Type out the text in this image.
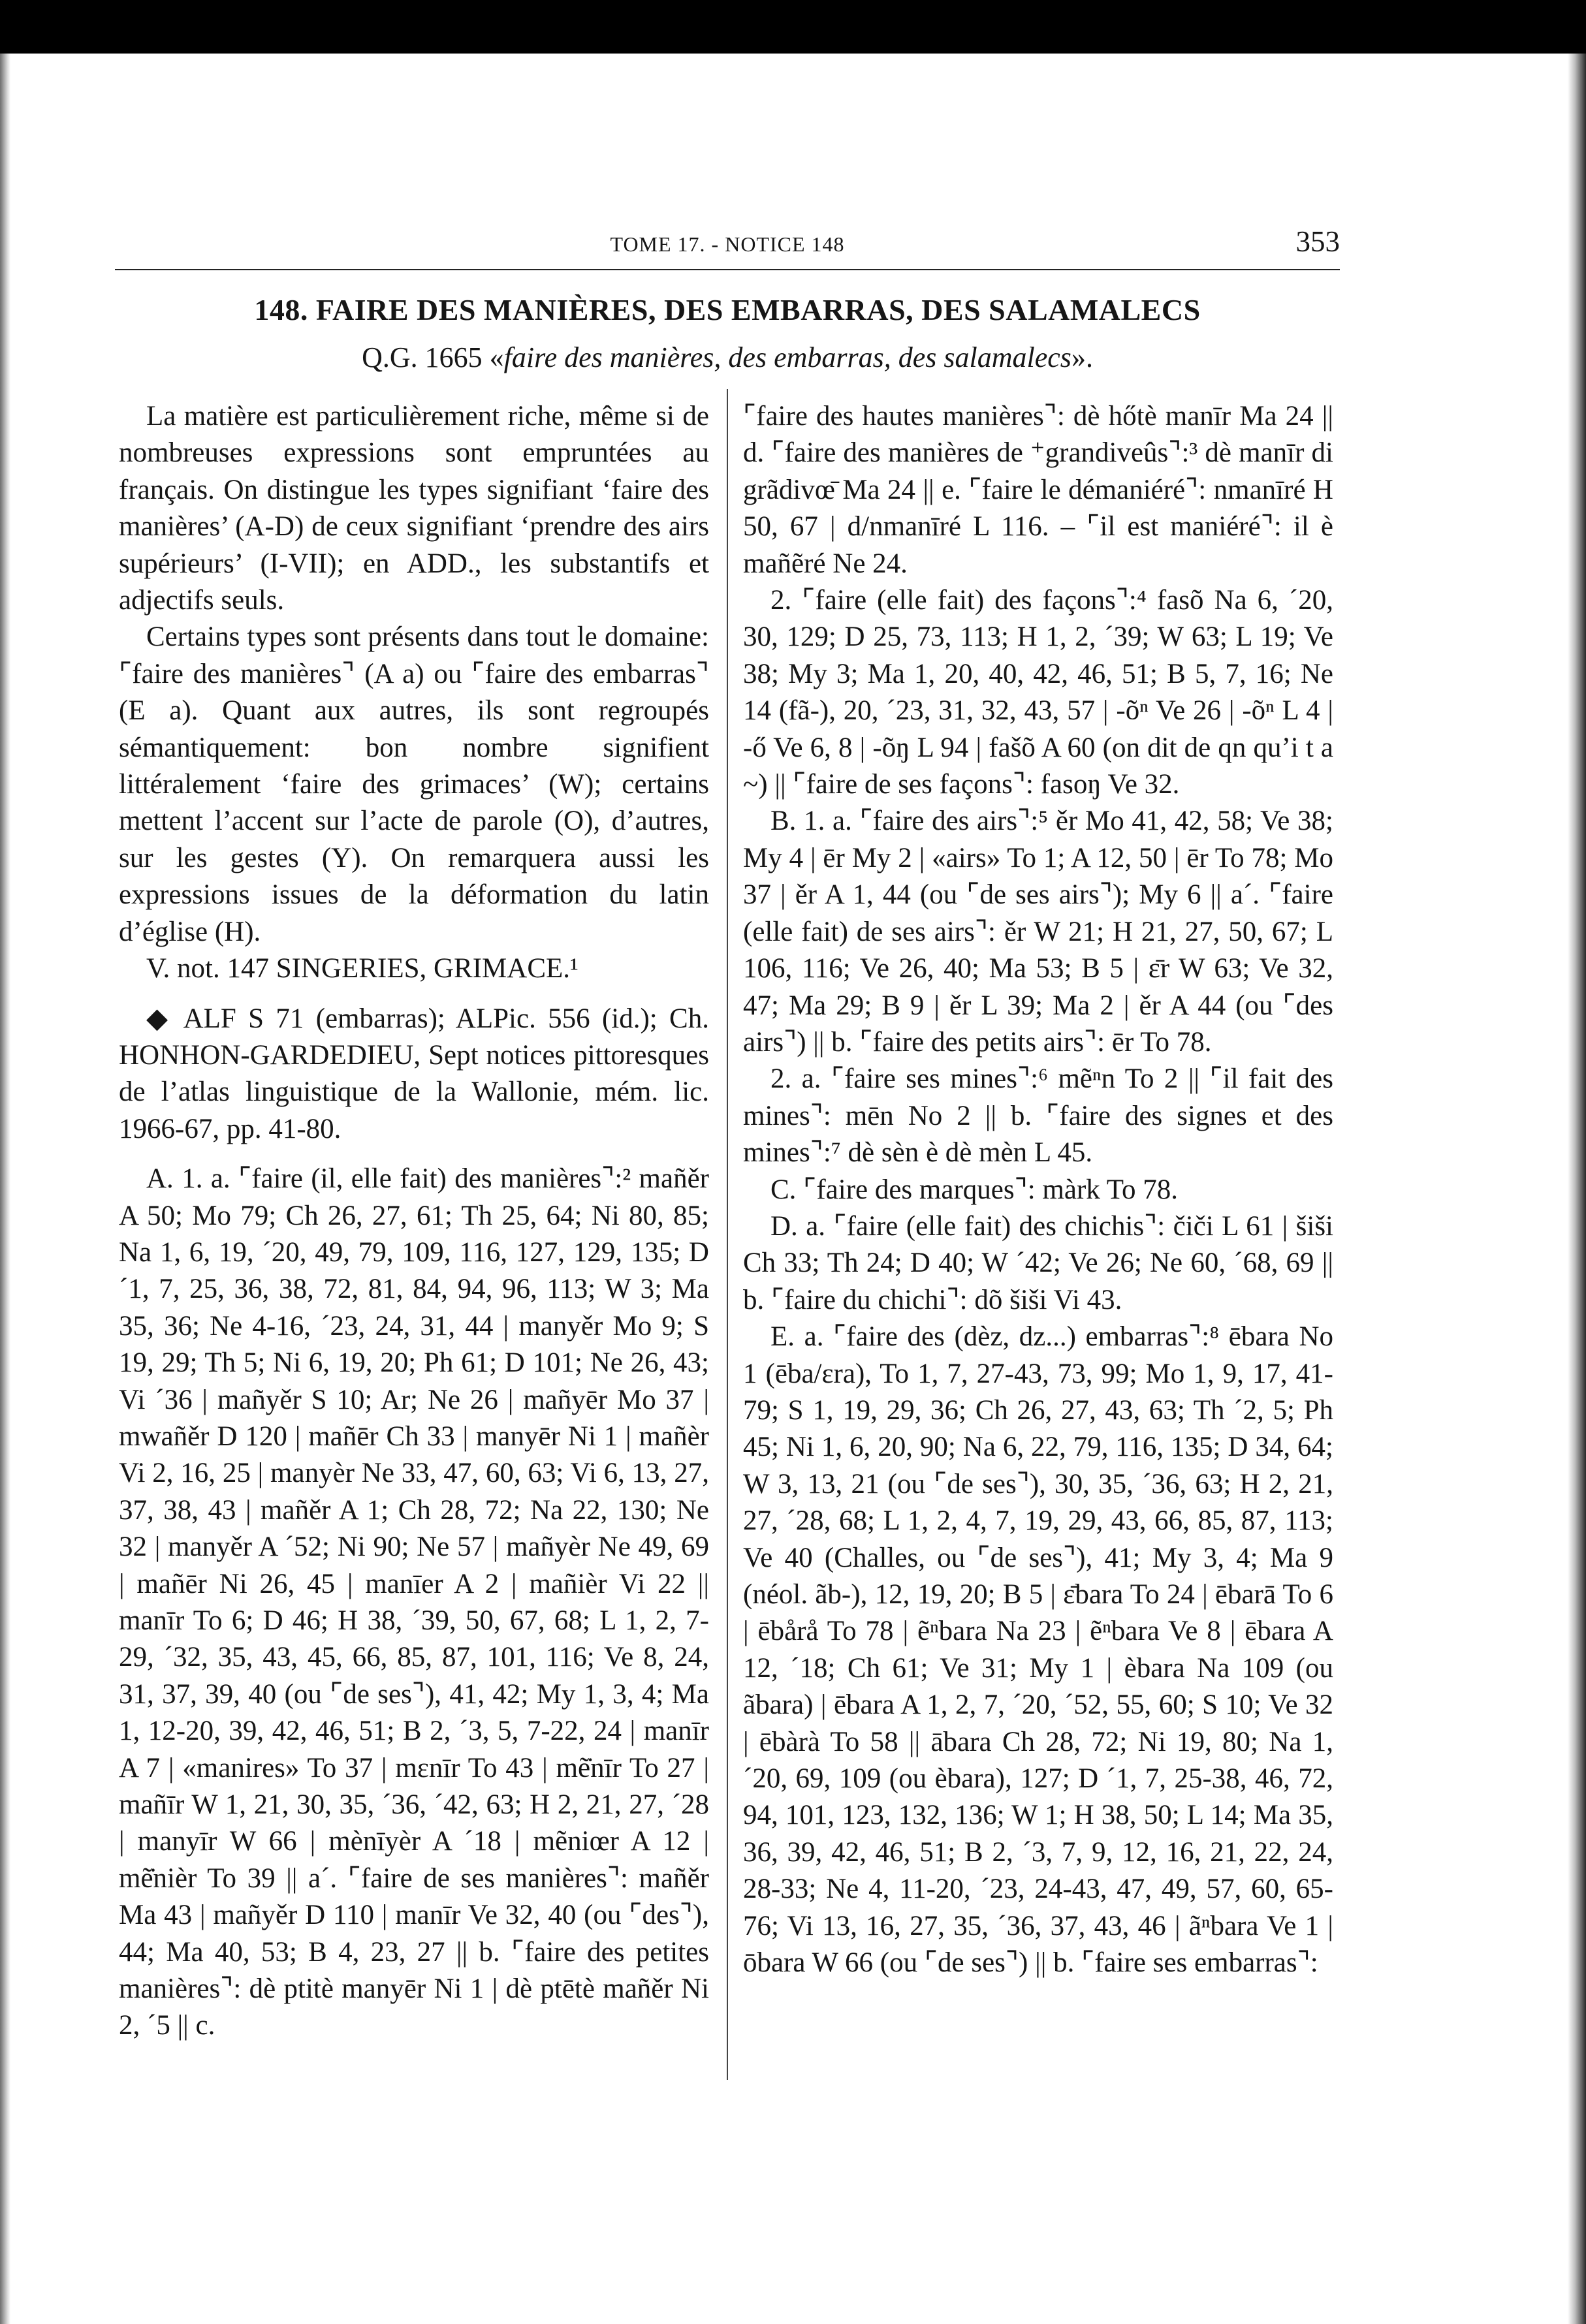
TOME 17. - NOTICE 148	353
148. FAIRE DES MANIÈRES, DES EMBARRAS, DES SALAMALECS
Q.G. 1665 «faire des manières, des embarras, des salamalecs».

La matière est particulièrement riche, même si de nombreuses expressions sont empruntées au français. On distingue les types signifiant ‘faire des manières’ (A-D) de ceux signifiant ‘prendre des airs supérieurs’ (I-VII); en ADD., les substantifs et adjectifs seuls.

Certains types sont présents dans tout le domaine: ⌜faire des manières⌝ (A a) ou ⌜faire des embarras⌝ (E a). Quant aux autres, ils sont regroupés sémantiquement: bon nombre signifient littéralement ‘faire des grimaces’ (W); certains mettent l’accent sur l’acte de parole (O), d’autres, sur les gestes (Y). On remarquera aussi les expressions issues de la déformation du latin d’église (H).

V. not. 147 SINGERIES, GRIMACE.¹

◆ ALF S 71 (embarras); ALPic. 556 (id.); Ch. HONHON-GARDEDIEU, Sept notices pittoresques de l’atlas linguistique de la Wallonie, mém. lic. 1966-67, pp. 41-80.

A. 1. a. ⌜faire (il, elle fait) des manières⌝:² mañěr A 50; Mo 79; Ch 26, 27, 61; Th 25, 64; Ni 80, 85; Na 1, 6, 19, ´20, 49, 79, 109, 116, 127, 129, 135; D ´1, 7, 25, 36, 38, 72, 81, 84, 94, 96, 113; W 3; Ma 35, 36; Ne 4-16, ´23, 24, 31, 44 | manyěr Mo 9; S 19, 29; Th 5; Ni 6, 19, 20; Ph 61; D 101; Ne 26, 43; Vi ´36 | mañyěr S 10; Ar; Ne 26 | mañyēr Mo 37 | mwañěr D 120 | mañēr Ch 33 | manyēr Ni 1 | mañèr Vi 2, 16, 25 | manyèr Ne 33, 47, 60, 63; Vi 6, 13, 27, 37, 38, 43 | mañěr A 1; Ch 28, 72; Na 22, 130; Ne 32 | manyěr A ´52; Ni 90; Ne 57 | mañyèr Ne 49, 69 | mañēr Ni 26, 45 | manīer A 2 | mañièr Vi 22 || manīr To 6; D 46; H 38, ´39, 50, 67, 68; L 1, 2, 7-29, ´32, 35, 43, 45, 66, 85, 87, 101, 116; Ve 8, 24, 31, 37, 39, 40 (ou ⌜de ses⌝), 41, 42; My 1, 3, 4; Ma 1, 12-20, 39, 42, 46, 51; B 2, ´3, 5, 7-22, 24 | manīr A 7 | «manires» To 37 | mɛnīr To 43 | mẽ̇nīr To 27 | mañīr W 1, 21, 30, 35, ´36, ´42, 63; H 2, 21, 27, ´28 | manyīr W 66 | mènīyèr A ´18 | mẽniœr A 12 | mẽ̇nièr To 39 || a´. ⌜faire de ses manières⌝: mañěr Ma 43 | mañyěr D 110 | manīr Ve 32, 40 (ou ⌜des⌝), 44; Ma 40, 53; B 4, 23, 27 || b. ⌜faire des petites manières⌝: dè ptitè manyēr Ni 1 | dè ptētè mañěr Ni 2, ´5 || c.

⌜faire des hautes manières⌝: dè hőtè manīr Ma 24 || d. ⌜faire des manières de ⁺grandiveûs⌝:³ dè manīr di grãdivœ̄ Ma 24 || e. ⌜faire le démaniéré⌝: nmanīré H 50, 67 | d/nmanīré L 116. – ⌜il est maniéré⌝: il è mañẽré Ne 24.

2. ⌜faire (elle fait) des façons⌝:⁴ fasõ Na 6, ´20, 30, 129; D 25, 73, 113; H 1, 2, ´39; W 63; L 19; Ve 38; My 3; Ma 1, 20, 40, 42, 46, 51; B 5, 7, 16; Ne 14 (fã-), 20, ´23, 31, 32, 43, 57 | -õⁿ Ve 26 | -õⁿ L 4 | -ő Ve 6, 8 | -õŋ L 94 | fašõ A 60 (on dit de qn qu’i t a ~) || ⌜faire de ses façons⌝: fasoŋ Ve 32.

B. 1. a. ⌜faire des airs⌝:⁵ ěr Mo 41, 42, 58; Ve 38; My 4 | ēr My 2 | «airs» To 1; A 12, 50 | ēr To 78; Mo 37 | ěr A 1, 44 (ou ⌜de ses airs⌝); My 6 || a´. ⌜faire (elle fait) de ses airs⌝: ěr W 21; H 21, 27, 50, 67; L 106, 116; Ve 26, 40; Ma 53; B 5 | ɛ̄r W 63; Ve 32, 47; Ma 29; B 9 | ěr L 39; Ma 2 | ěr A 44 (ou ⌜des airs⌝) || b. ⌜faire des petits airs⌝: ēr To 78.

2. a. ⌜faire ses mines⌝:⁶ mẽⁿn To 2 || ⌜il fait des mines⌝: mēn No 2 || b. ⌜faire des signes et des mines⌝:⁷ dè sèn è dè mèn L 45.

C. ⌜faire des marques⌝: màrk To 78.

D. a. ⌜faire (elle fait) des chichis⌝: čiči L 61 | šiši Ch 33; Th 24; D 40; W ´42; Ve 26; Ne 60, ´68, 69 || b. ⌜faire du chichi⌝: dõ šiši Vi 43.

E. a. ⌜faire des (dèz, dz...) embarras⌝:⁸ ēbara No 1 (ēba/ɛra), To 1, 7, 27-43, 73, 99; Mo 1, 9, 17, 41-79; S 1, 19, 29, 36; Ch 26, 27, 43, 63; Th ´2, 5; Ph 45; Ni 1, 6, 20, 90; Na 6, 22, 79, 116, 135; D 34, 64; W 3, 13, 21 (ou ⌜de ses⌝), 30, 35, ´36, 63; H 2, 21, 27, ´28, 68; L 1, 2, 4, 7, 19, 29, 43, 66, 85, 87, 113; Ve 40 (Challes, ou ⌜de ses⌝), 41; My 3, 4; Ma 9 (néol. ãb-), 12, 19, 20; B 5 | ɛ̄bara To 24 | ēbarā To 6 | ēbårå To 78 | ẽⁿbara Na 23 | ẽⁿbara Ve 8 | ēbara A 12, ´18; Ch 61; Ve 31; My 1 | èbara Na 109 (ou ãbara) | ēbara A 1, 2, 7, ´20, ´52, 55, 60; S 10; Ve 32 | ēbàrà To 58 || ābara Ch 28, 72; Ni 19, 80; Na 1, ´20, 69, 109 (ou èbara), 127; D ´1, 7, 25-38, 46, 72, 94, 101, 123, 132, 136; W 1; H 38, 50; L 14; Ma 35, 36, 39, 42, 46, 51; B 2, ´3, 7, 9, 12, 16, 21, 22, 24, 28-33; Ne 4, 11-20, ´23, 24-43, 47, 49, 57, 60, 65-76; Vi 13, 16, 27, 35, ´36, 37, 43, 46 | ãⁿbara Ve 1 | ōbara W 66 (ou ⌜de ses⌝) || b. ⌜faire ses embarras⌝:
